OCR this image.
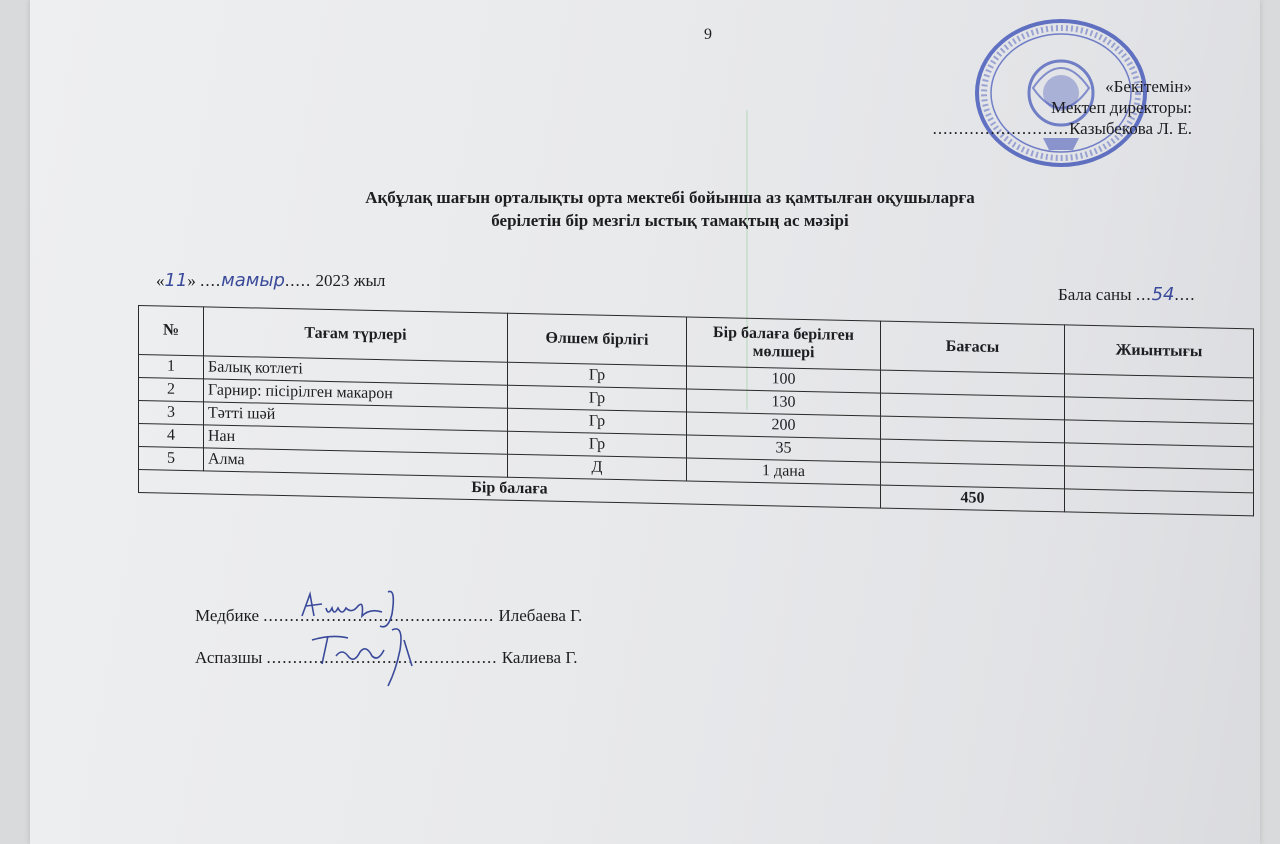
9
«Бекітемін»
Мектеп директоры:
..........................Казыбекова Л. Е.
Ақбұлақ шағын орталықты орта мектебі бойынша аз қамтылған оқушыларға
берілетін бір мезгіл ыстық тамақтың ас мәзірі
«11» ....мамыр..... 2023 жыл
Бала саны ...54....
№	Тағам түрлері	Өлшем бірлігі	Бір балаға берілген мөлшері	Бағасы	Жиынтығы
1	Балық котлеті	Гр	100		
2	Гарнир: пісірілген макарон	Гр	130		
3	Тәтті шәй	Гр	200		
4	Нан	Гр	35		
5	Алма	Д	1 дана		
Бір балаға				450	
Медбике ............................................ Илебаева Г.
Аспазшы ............................................ Калиева Г.
